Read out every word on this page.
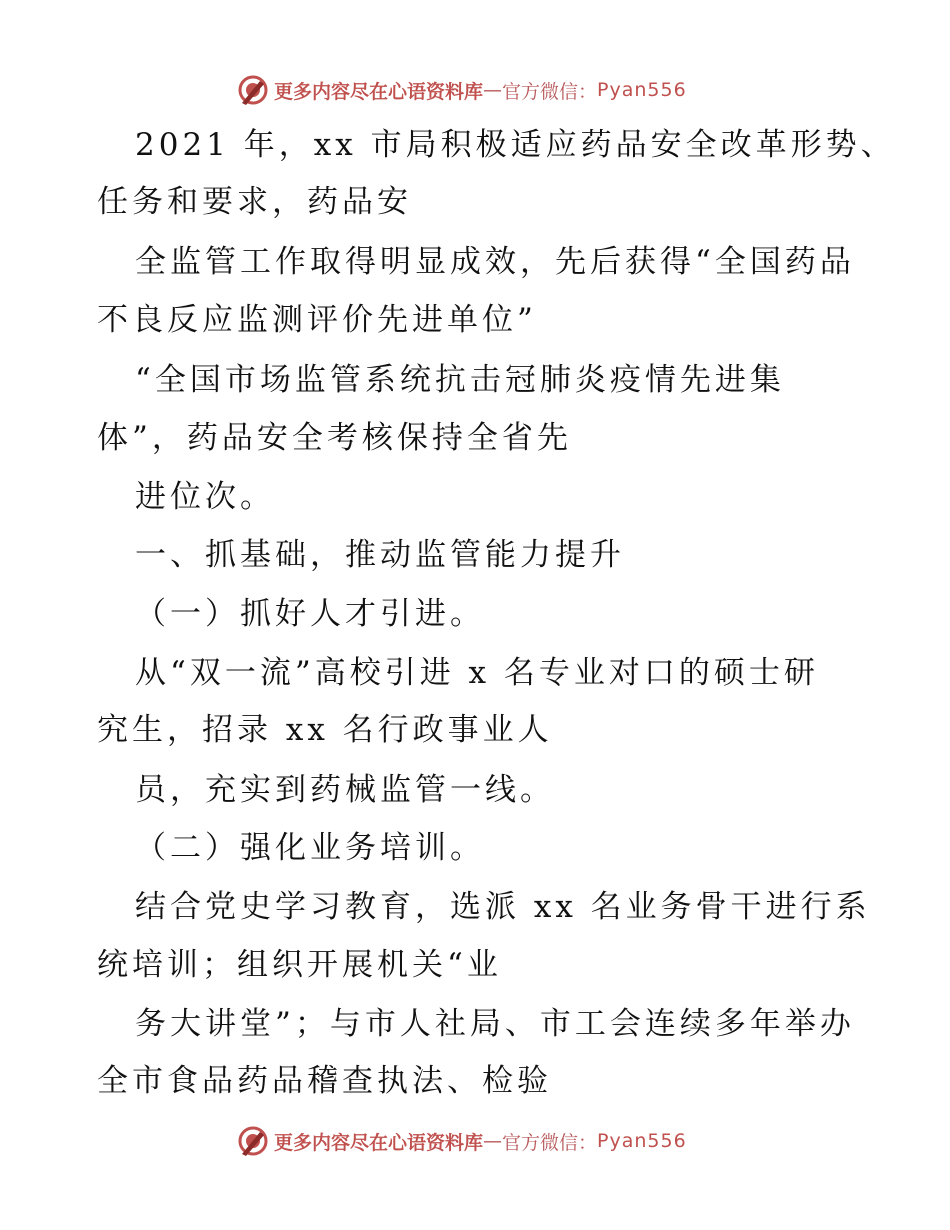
更多内容尽在心语资料库 — 官方微信： Pyan556
2021 年，xx 市局积极适应药品安全改革形势、
任务和要求，药品安
全监管工作取得明显成效，先后获得“全国药品
不良反应监测评价先进单位”
“全国市场监管系统抗击冠肺炎疫情先进集
体”，药品安全考核保持全省先
进位次。
一、抓基础，推动监管能力提升
（一）抓好人才引进。
从“双一流”高校引进 x 名专业对口的硕士研
究生，招录 xx 名行政事业人
员，充实到药械监管一线。
（二）强化业务培训。
结合党史学习教育，选派 xx 名业务骨干进行系
统培训；组织开展机关“业
务大讲堂”；与市人社局、市工会连续多年举办
全市食品药品稽查执法、检验
更多内容尽在心语资料库 — 官方微信： Pyan556
